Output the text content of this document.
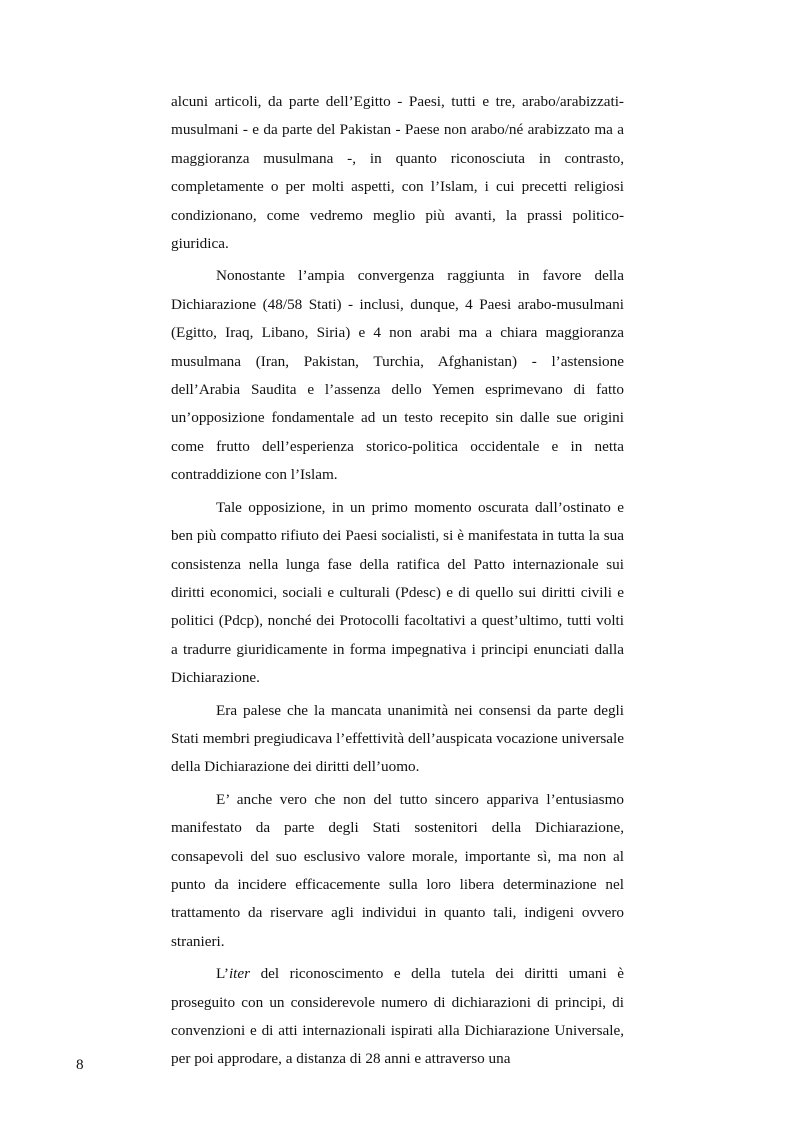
alcuni articoli, da parte dell’Egitto - Paesi, tutti e tre, arabo/arabizzati-musulmani - e da parte del Pakistan - Paese non arabo/né arabizzato ma a maggioranza musulmana -, in quanto riconosciuta in contrasto, completamente o per molti aspetti, con l’Islam, i cui precetti religiosi condizionano, come vedremo meglio più avanti, la prassi politico-giuridica.

Nonostante l’ampia convergenza raggiunta in favore della Dichiarazione (48/58 Stati) - inclusi, dunque, 4 Paesi arabo-musulmani (Egitto, Iraq, Libano, Siria) e 4 non arabi ma a chiara maggioranza musulmana (Iran, Pakistan, Turchia, Afghanistan) - l’astensione dell’Arabia Saudita e l’assenza dello Yemen esprimevano di fatto un’opposizione fondamentale ad un testo recepito sin dalle sue origini come frutto dell’esperienza storico-politica occidentale e in netta contraddizione con l’Islam.

Tale opposizione, in un primo momento oscurata dall’ostinato e ben più compatto rifiuto dei Paesi socialisti, si è manifestata in tutta la sua consistenza nella lunga fase della ratifica del Patto internazionale sui diritti economici, sociali e culturali (Pdesc) e di quello sui diritti civili e politici (Pdcp), nonché dei Protocolli facoltativi a quest’ultimo, tutti volti a tradurre giuridicamente in forma impegnativa i principi enunciati dalla Dichiarazione.

Era palese che la mancata unanimità nei consensi da parte degli Stati membri pregiudicava l’effettività dell’auspicata vocazione universale della Dichiarazione dei diritti dell’uomo.

E’ anche vero che non del tutto sincero appariva l’entusiasmo manifestato da parte degli Stati sostenitori della Dichiarazione, consapevoli del suo esclusivo valore morale, importante sì, ma non al punto da incidere efficacemente sulla loro libera determinazione nel trattamento da riservare agli individui in quanto tali, indigeni ovvero stranieri.

L’iter del riconoscimento e della tutela dei diritti umani è proseguito con un considerevole numero di dichiarazioni di principi, di convenzioni e di atti internazionali ispirati alla Dichiarazione Universale, per poi approdare, a distanza di 28 anni e attraverso una

8
